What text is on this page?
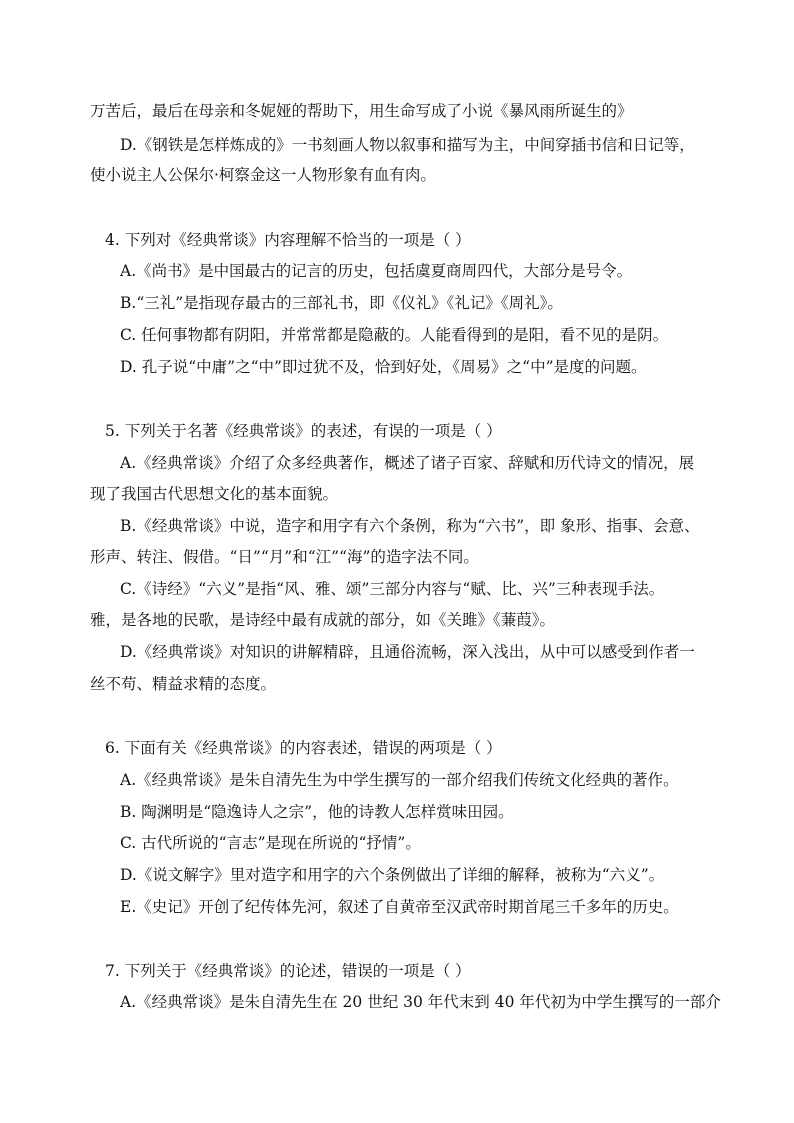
万苦后，最后在母亲和冬妮娅的帮助下，用生命写成了小说《暴风雨所诞生的》
D.《钢铁是怎样炼成的》一书刻画人物以叙事和描写为主，中间穿插书信和日记等，
使小说主人公保尔·柯察金这一人物形象有血有肉。
4. 下列对《经典常谈》内容理解不恰当的一项是（ ）
A.《尚书》是中国最古的记言的历史，包括虞夏商周四代，大部分是号令。
B.“三礼”是指现存最古的三部礼书，即《仪礼》《礼记》《周礼》。
C. 任何事物都有阴阳，并常常都是隐蔽的。人能看得到的是阳，看不见的是阴。
D. 孔子说“中庸”之“中”即过犹不及，恰到好处，《周易》之“中”是度的问题。
5. 下列关于名著《经典常谈》的表述，有误的一项是（ ）
A.《经典常谈》介绍了众多经典著作，概述了诸子百家、辞赋和历代诗文的情况，展
现了我国古代思想文化的基本面貌。
B.《经典常谈》中说，造字和用字有六个条例，称为“六书”，即 象形、指事、会意、
形声、转注、假借。“日”“月”和“江”“海”的造字法不同。
C.《诗经》“六义”是指“风、雅、颂”三部分内容与“赋、比、兴”三种表现手法。
雅，是各地的民歌，是诗经中最有成就的部分，如《关雎》《蒹葭》。
D.《经典常谈》对知识的讲解精辟，且通俗流畅，深入浅出，从中可以感受到作者一
丝不苟、精益求精的态度。
6. 下面有关《经典常谈》的内容表述，错误的两项是（ ）
A.《经典常谈》是朱自清先生为中学生撰写的一部介绍我们传统文化经典的著作。
B. 陶渊明是“隐逸诗人之宗”，他的诗教人怎样赏味田园。
C. 古代所说的“言志”是现在所说的“抒情”。
D.《说文解字》里对造字和用字的六个条例做出了详细的解释，被称为“六义”。
E.《史记》开创了纪传体先河，叙述了自黄帝至汉武帝时期首尾三千多年的历史。
7. 下列关于《经典常谈》的论述，错误的一项是（ ）
A.《经典常谈》是朱自清先生在 20 世纪 30 年代末到 40 年代初为中学生撰写的一部介
